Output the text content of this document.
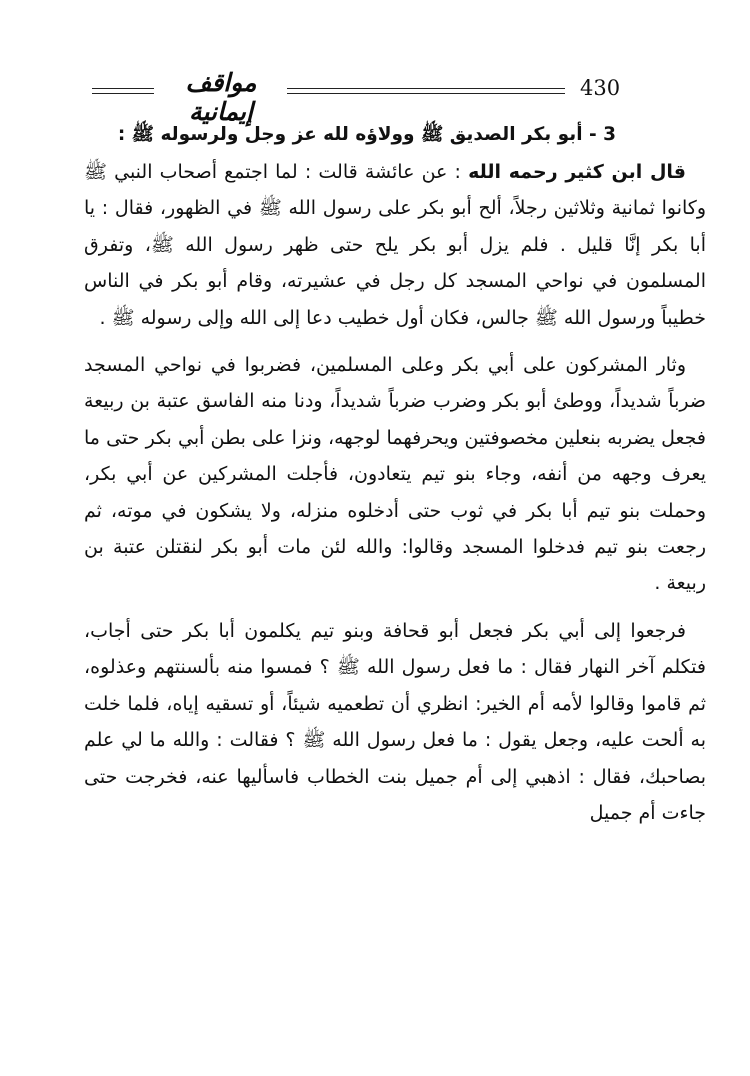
مواقف إيمانية
430
3 - أبو بكر الصديق ﷺ وولاؤه لله عز وجل ولرسوله ﷺ :

قال ابن كثير رحمه الله : عن عائشة قالت : لما اجتمع أصحاب النبي ﷺ وكانوا ثمانية وثلاثين رجلاً، ألح أبو بكر على رسول الله ﷺ في الظهور، فقال : يا أبا بكر إنَّا قليل . فلم يزل أبو بكر يلح حتى ظهر رسول الله ﷺ، وتفرق المسلمون في نواحي المسجد كل رجل في عشيرته، وقام أبو بكر في الناس خطيباً ورسول الله ﷺ جالس، فكان أول خطيب دعا إلى الله وإلى رسوله ﷺ .

وثار المشركون على أبي بكر وعلى المسلمين، فضربوا في نواحي المسجد ضرباً شديداً، ووطئ أبو بكر وضرب ضرباً شديداً، ودنا منه الفاسق عتبة بن ربيعة فجعل يضربه بنعلين مخصوفتين ويحرفهما لوجهه، ونزا على بطن أبي بكر حتى ما يعرف وجهه من أنفه، وجاء بنو تيم يتعادون، فأجلت المشركين عن أبي بكر، وحملت بنو تيم أبا بكر في ثوب حتى أدخلوه منزله، ولا يشكون في موته، ثم رجعت بنو تيم فدخلوا المسجد وقالوا: والله لئن مات أبو بكر لنقتلن عتبة بن ربيعة .

فرجعوا إلى أبي بكر فجعل أبو قحافة وبنو تيم يكلمون أبا بكر حتى أجاب، فتكلم آخر النهار فقال : ما فعل رسول الله ﷺ ؟ فمسوا منه بألسنتهم وعذلوه، ثم قاموا وقالوا لأمه أم الخير: انظري أن تطعميه شيئاً، أو تسقيه إياه، فلما خلت به ألحت عليه، وجعل يقول : ما فعل رسول الله ﷺ ؟ فقالت : والله ما لي علم بصاحبك، فقال : اذهبي إلى أم جميل بنت الخطاب فاسأليها عنه، فخرجت حتى جاءت أم جميل
